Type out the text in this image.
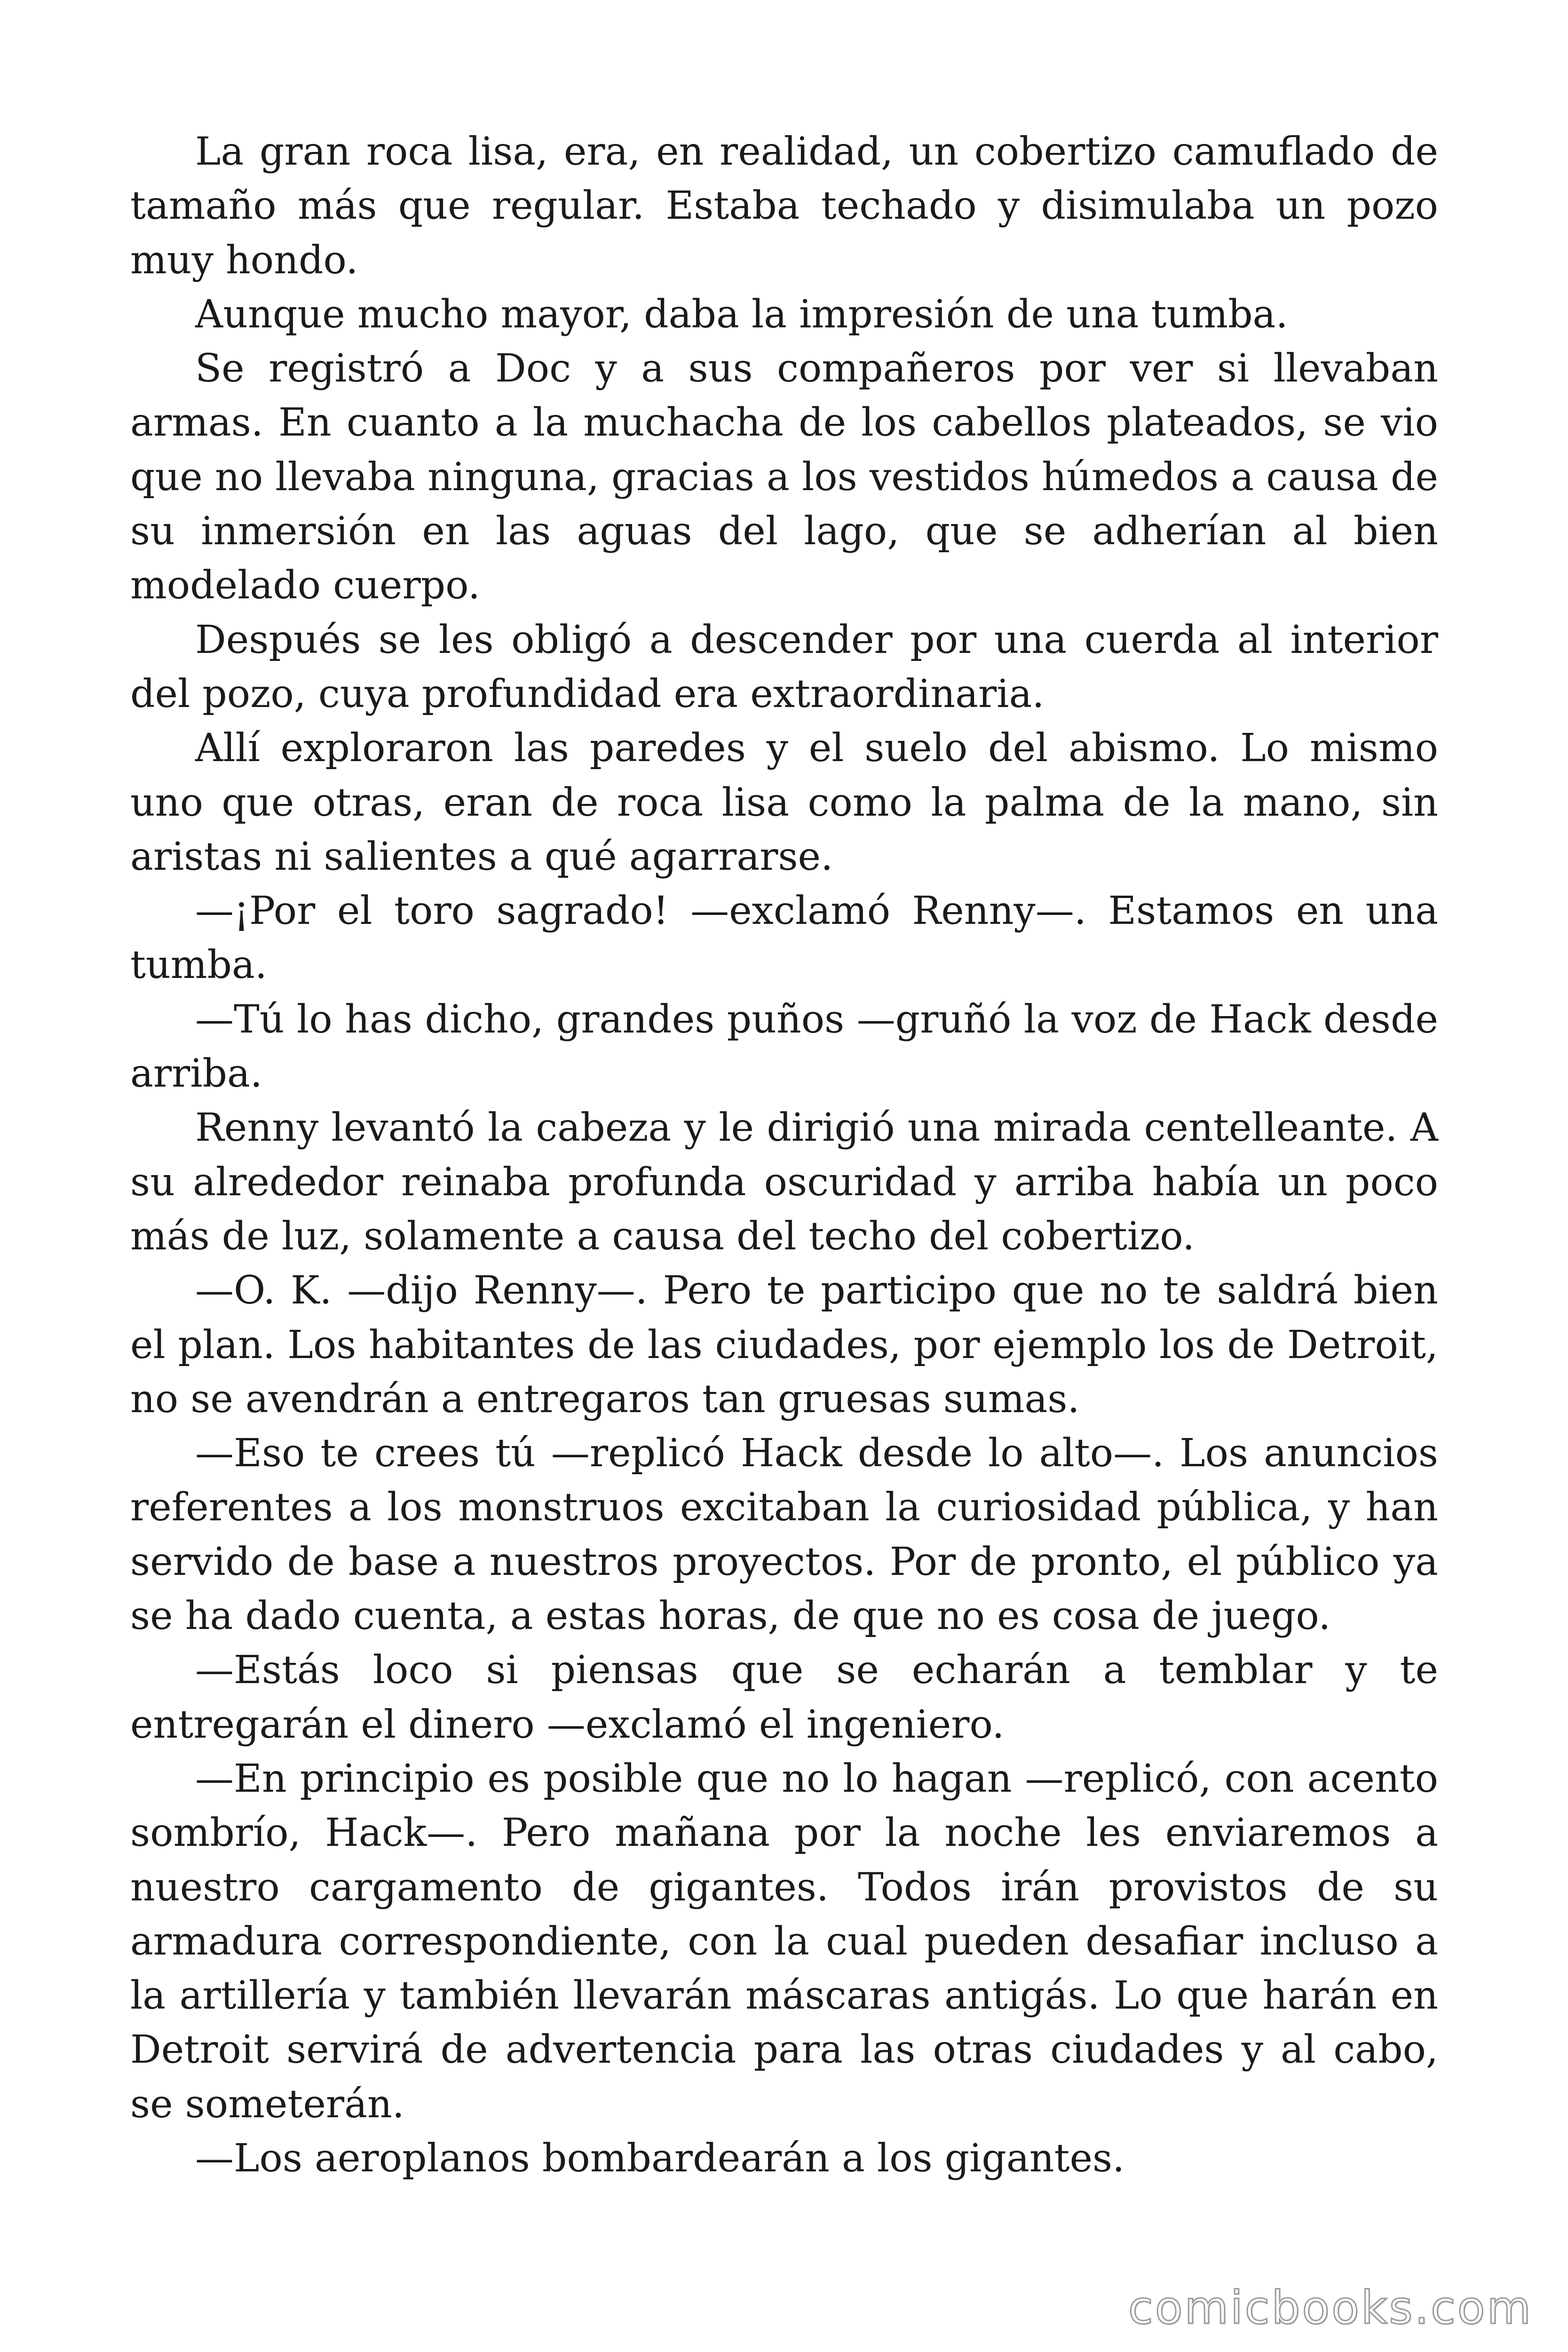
La gran roca lisa, era, en realidad, un cobertizo camuflado de tamaño más que regular. Estaba techado y disimulaba un pozo muy hondo.

Aunque mucho mayor, daba la impresión de una tumba.

Se registró a Doc y a sus compañeros por ver si llevaban armas. En cuanto a la muchacha de los cabellos plateados, se vio que no llevaba ninguna, gracias a los vestidos húmedos a causa de su inmersión en las aguas del lago, que se adherían al bien modelado cuerpo.

Después se les obligó a descender por una cuerda al interior del pozo, cuya profundidad era extraordinaria.

Allí exploraron las paredes y el suelo del abismo. Lo mismo uno que otras, eran de roca lisa como la palma de la mano, sin aristas ni salientes a qué agarrarse.

—¡Por el toro sagrado! —exclamó Renny—. Estamos en una tumba.

—Tú lo has dicho, grandes puños —gruñó la voz de Hack desde arriba.

Renny levantó la cabeza y le dirigió una mirada centelleante. A su alrededor reinaba profunda oscuridad y arriba había un poco más de luz, solamente a causa del techo del cobertizo.

—O. K. —dijo Renny—. Pero te participo que no te saldrá bien el plan. Los habitantes de las ciudades, por ejemplo los de Detroit, no se avendrán a entregaros tan gruesas sumas.

—Eso te crees tú —replicó Hack desde lo alto—. Los anuncios referentes a los monstruos excitaban la curiosidad pública, y han servido de base a nuestros proyectos. Por de pronto, el público ya se ha dado cuenta, a estas horas, de que no es cosa de juego.

—Estás loco si piensas que se echarán a temblar y te entregarán el dinero —exclamó el ingeniero.

—En principio es posible que no lo hagan —replicó, con acento sombrío, Hack—. Pero mañana por la noche les enviaremos a nuestro cargamento de gigantes. Todos irán provistos de su armadura correspondiente, con la cual pueden desafiar incluso a la artillería y también llevarán máscaras antigás. Lo que harán en Detroit servirá de advertencia para las otras ciudades y al cabo, se someterán.

—Los aeroplanos bombardearán a los gigantes.

comicbooks.com
